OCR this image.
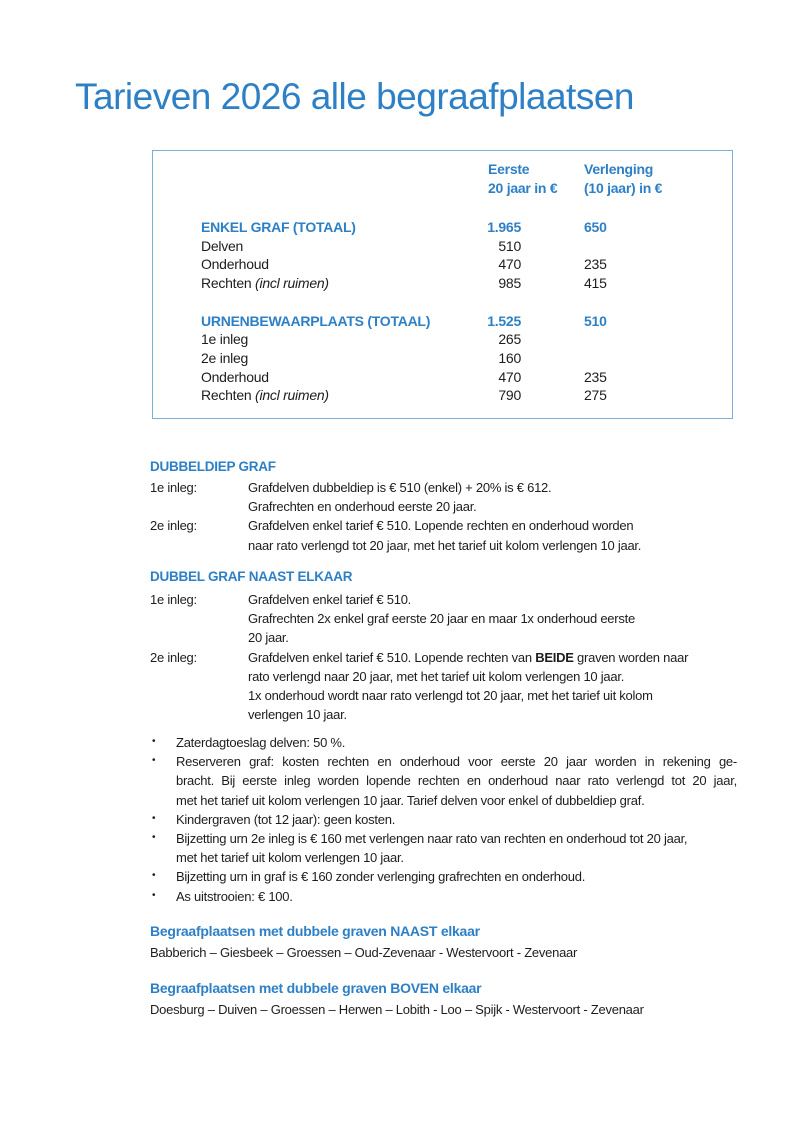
Tarieven 2026 alle begraafplaatsen
Eerste
20 jaar in €
Verlenging
(10 jaar) in €
ENKEL GRAF (TOTAAL)	1.965	650
Delven	510
Onderhoud	470	235
Rechten (incl ruimen)	985	415
URNENBEWAARPLAATS (TOTAAL)	1.525	510
1e inleg	265
2e inleg	160
Onderhoud	470	235
Rechten (incl ruimen)	790	275
DUBBELDIEP GRAF
1e inleg:	Grafdelven dubbeldiep is € 510 (enkel) + 20% is € 612.
Grafrechten en onderhoud eerste 20 jaar.
2e inleg:	Grafdelven enkel tarief € 510. Lopende rechten en onderhoud worden
naar rato verlengd tot 20 jaar, met het tarief uit kolom verlengen 10 jaar.
DUBBEL GRAF NAAST ELKAAR
1e inleg:	Grafdelven enkel tarief € 510.
Grafrechten 2x enkel graf eerste 20 jaar en maar 1x onderhoud eerste
20 jaar.
2e inleg:	Grafdelven enkel tarief € 510. Lopende rechten van BEIDE graven worden naar
rato verlengd naar 20 jaar, met het tarief uit kolom verlengen 10 jaar.
1x onderhoud wordt naar rato verlengd tot 20 jaar, met het tarief uit kolom
verlengen 10 jaar.
• Zaterdagtoeslag delven: 50 %.
• Reserveren graf: kosten rechten en onderhoud voor eerste 20 jaar worden in rekening ge-
bracht. Bij eerste inleg worden lopende rechten en onderhoud naar rato verlengd tot 20 jaar,
met het tarief uit kolom verlengen 10 jaar. Tarief delven voor enkel of dubbeldiep graf.
• Kindergraven (tot 12 jaar): geen kosten.
• Bijzetting urn 2e inleg is € 160 met verlengen naar rato van rechten en onderhoud tot 20 jaar,
met het tarief uit kolom verlengen 10 jaar.
• Bijzetting urn in graf is € 160 zonder verlenging grafrechten en onderhoud.
• As uitstrooien: € 100.
Begraafplaatsen met dubbele graven NAAST elkaar
Babberich – Giesbeek – Groessen – Oud-Zevenaar - Westervoort - Zevenaar
Begraafplaatsen met dubbele graven BOVEN elkaar
Doesburg – Duiven – Groessen – Herwen – Lobith - Loo – Spijk - Westervoort - Zevenaar
